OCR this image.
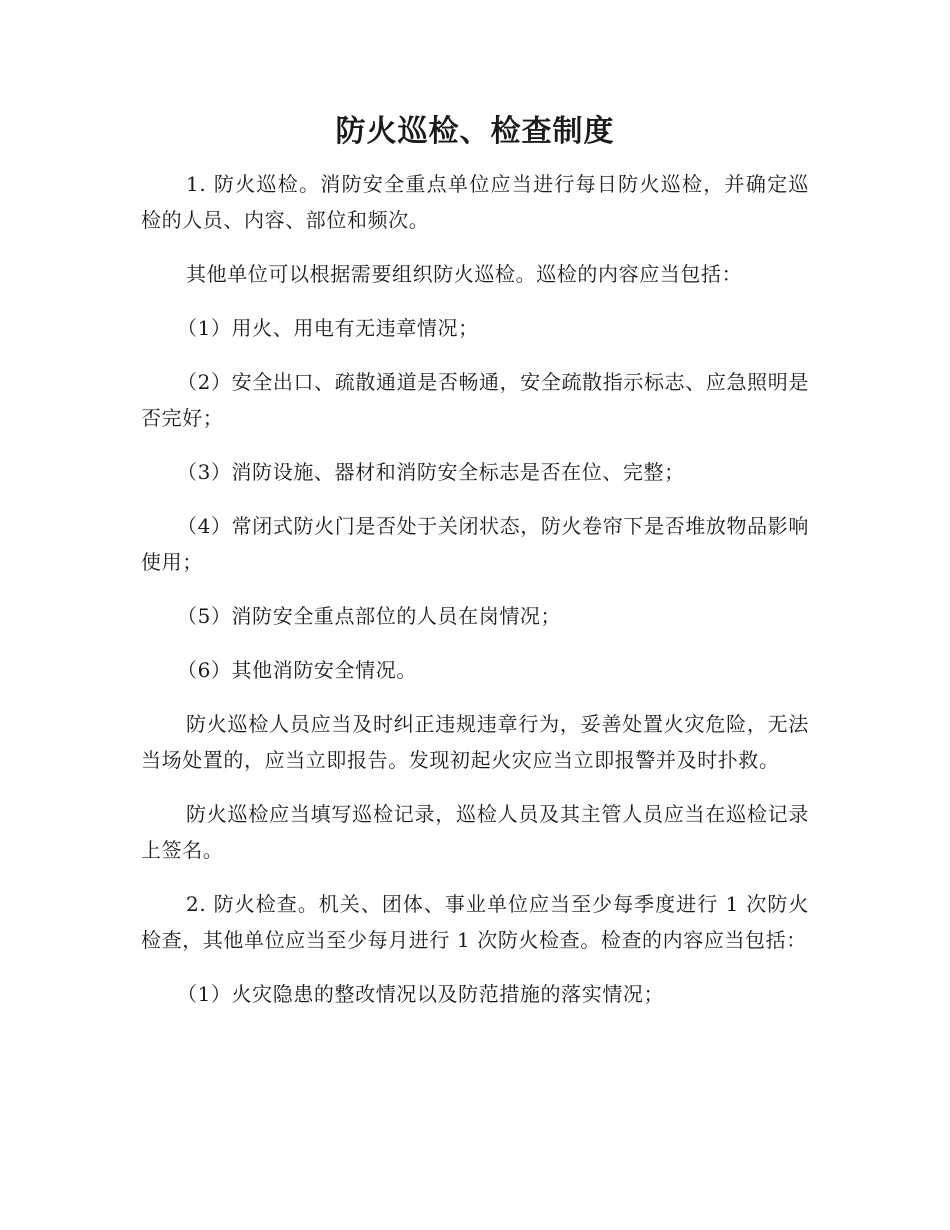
防火巡检、检查制度

1. 防火巡检。消防安全重点单位应当进行每日防火巡检，并确定巡检的人员、内容、部位和频次。

其他单位可以根据需要组织防火巡检。巡检的内容应当包括：

（1）用火、用电有无违章情况；

（2）安全出口、疏散通道是否畅通，安全疏散指示标志、应急照明是否完好；

（3）消防设施、器材和消防安全标志是否在位、完整；

（4）常闭式防火门是否处于关闭状态，防火卷帘下是否堆放物品影响使用；

（5）消防安全重点部位的人员在岗情况；

（6）其他消防安全情况。

防火巡检人员应当及时纠正违规违章行为，妥善处置火灾危险，无法当场处置的，应当立即报告。发现初起火灾应当立即报警并及时扑救。

防火巡检应当填写巡检记录，巡检人员及其主管人员应当在巡检记录上签名。

2. 防火检查。机关、团体、事业单位应当至少每季度进行 1 次防火检查，其他单位应当至少每月进行 1 次防火检查。检查的内容应当包括：

（1）火灾隐患的整改情况以及防范措施的落实情况；
